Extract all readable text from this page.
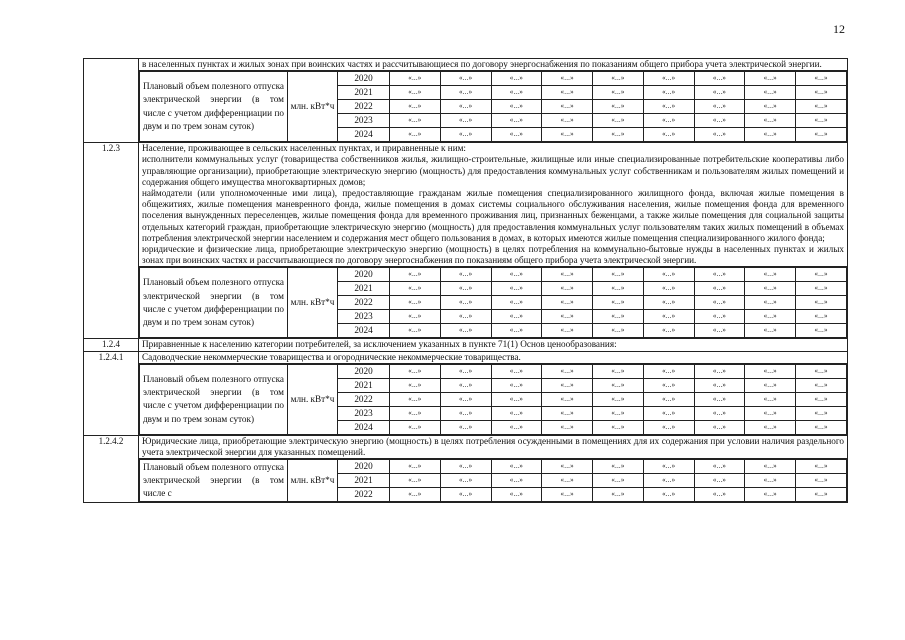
12
	в населенных пунктах и жилых зонах при воинских частях и рассчитывающиеся по договору энергоснабжения по показаниям общего прибора учета электрической энергии.

Плановый объем полезного отпуска электрической энергии (в том числе с учетом дифференциации по двум и по трем зонам суток)	млн. кВт*ч	2020	«...»	«...»	«...»	«...»	«...»	«...»	«...»	«...»	«...»
2021	«...»	«...»	«...»	«...»	«...»	«...»	«...»	«...»	«...»
2022	«...»	«...»	«...»	«...»	«...»	«...»	«...»	«...»	«...»
2023	«...»	«...»	«...»	«...»	«...»	«...»	«...»	«...»	«...»
2024	«...»	«...»	«...»	«...»	«...»	«...»	«...»	«...»	«...»

1.2.3	Население, проживающее в сельских населенных пунктах, и приравненные к ним:
исполнители коммунальных услуг (товарищества собственников жилья, жилищно-строительные, жилищные или иные специализированные потребительские кооперативы либо управляющие организации), приобретающие электрическую энергию (мощность) для предоставления коммунальных услуг собственникам и пользователям жилых помещений и содержания общего имущества многоквартирных домов;
наймодатели (или уполномоченные ими лица), предоставляющие гражданам жилые помещения специализированного жилищного фонда, включая жилые помещения в общежитиях, жилые помещения маневренного фонда, жилые помещения в домах системы социального обслуживания населения, жилые помещения фонда для временного поселения вынужденных переселенцев, жилые помещения фонда для временного проживания лиц, признанных беженцами, а также жилые помещения для социальной защиты отдельных категорий граждан, приобретающие электрическую энергию (мощность) для предоставления коммунальных услуг пользователям таких жилых помещений в объемах потребления электрической энергии населением и содержания мест общего пользования в домах, в которых имеются жилые помещения специализированного жилого фонда;
юридические и физические лица, приобретающие электрическую энергию (мощность) в целях потребления на коммунально-бытовые нужды в населенных пунктах и жилых зонах при воинских частях и рассчитывающиеся по договору энергоснабжения по показаниям общего прибора учета электрической энергии.

Плановый объем полезного отпуска электрической энергии (в том числе с учетом дифференциации по двум и по трем зонам суток)	млн. кВт*ч	2020	«...»	«...»	«...»	«...»	«...»	«...»	«...»	«...»	«...»
2021	«...»	«...»	«...»	«...»	«...»	«...»	«...»	«...»	«...»
2022	«...»	«...»	«...»	«...»	«...»	«...»	«...»	«...»	«...»
2023	«...»	«...»	«...»	«...»	«...»	«...»	«...»	«...»	«...»
2024	«...»	«...»	«...»	«...»	«...»	«...»	«...»	«...»	«...»

1.2.4	Приравненные к населению категории потребителей, за исключением указанных в пункте 71(1) Основ ценообразования:
1.2.4.1	Садоводческие некоммерческие товарищества и огороднические некоммерческие товарищества.

Плановый объем полезного отпуска электрической энергии (в том числе с учетом дифференциации по двум и по трем зонам суток)	млн. кВт*ч	2020	«...»	«...»	«...»	«...»	«...»	«...»	«...»	«...»	«...»
2021	«...»	«...»	«...»	«...»	«...»	«...»	«...»	«...»	«...»
2022	«...»	«...»	«...»	«...»	«...»	«...»	«...»	«...»	«...»
2023	«...»	«...»	«...»	«...»	«...»	«...»	«...»	«...»	«...»
2024	«...»	«...»	«...»	«...»	«...»	«...»	«...»	«...»	«...»

1.2.4.2	Юридические лица, приобретающие электрическую энергию (мощность) в целях потребления осужденными в помещениях для их содержания при условии наличия раздельного учета электрической энергии для указанных помещений.

Плановый объем полезного отпуска электрической энергии (в том числе с	млн. кВт*ч	2020	«...»	«...»	«...»	«...»	«...»	«...»	«...»	«...»	«...»
2021	«...»	«...»	«...»	«...»	«...»	«...»	«...»	«...»	«...»
2022	«...»	«...»	«...»	«...»	«...»	«...»	«...»	«...»	«...»
